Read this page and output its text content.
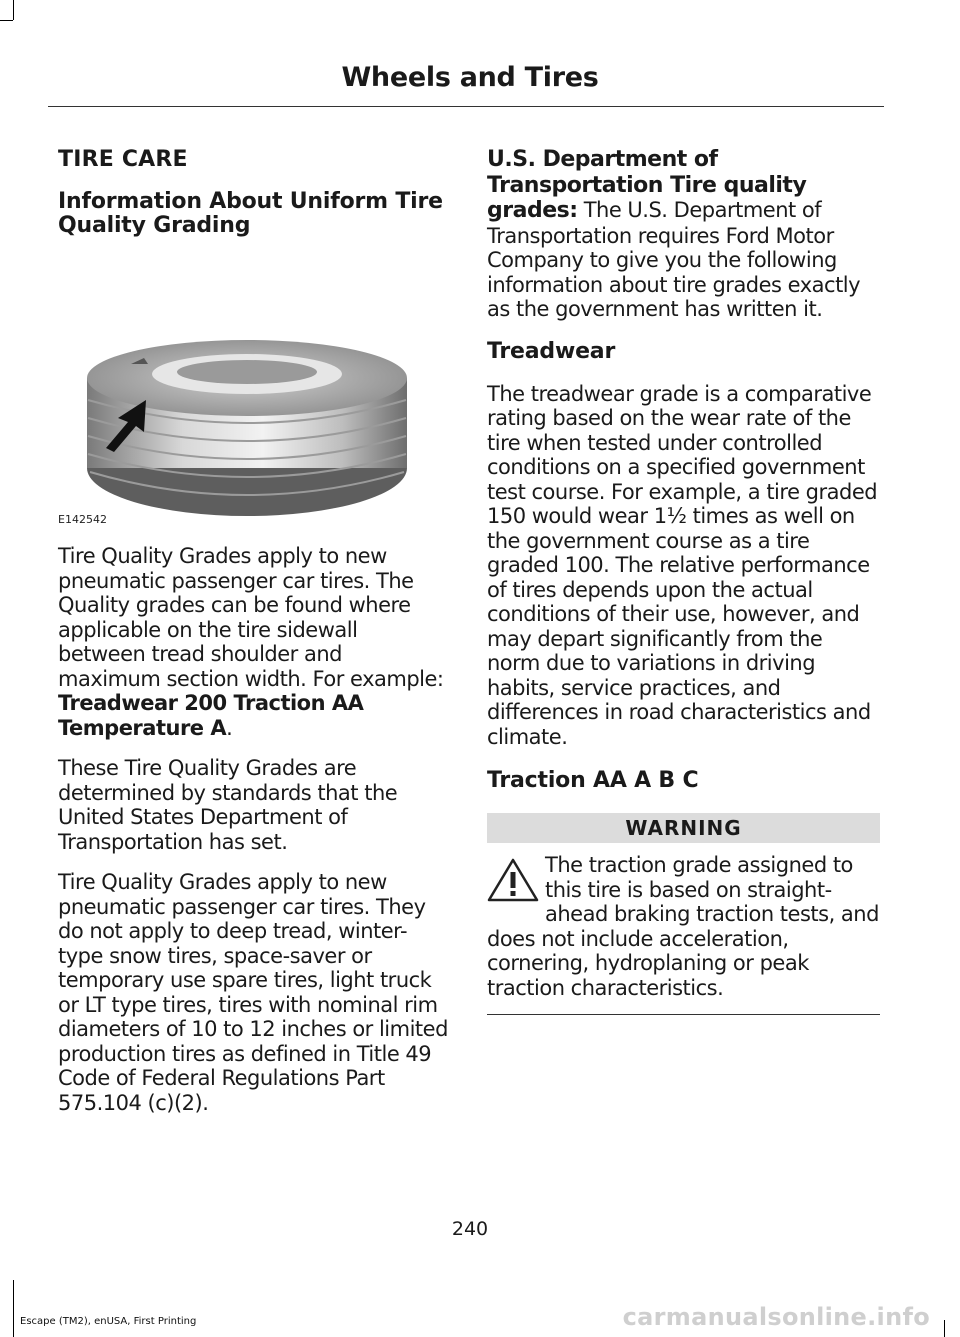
Wheels and Tires
TIRE CARE
Information About Uniform Tire Quality Grading
E142542

Tire Quality Grades apply to new pneumatic passenger car tires. The Quality grades can be found where applicable on the tire sidewall between tread shoulder and maximum section width. For example: Treadwear 200 Traction AA Temperature A.

These Tire Quality Grades are determined by standards that the United States Department of Transportation has set.

Tire Quality Grades apply to new pneumatic passenger car tires. They do not apply to deep tread, winter-type snow tires, space-saver or temporary use spare tires, light truck or LT type tires, tires with nominal rim diameters of 10 to 12 inches or limited production tires as defined in Title 49 Code of Federal Regulations Part 575.104 (c)(2).

U.S. Department of Transportation Tire quality grades: The U.S. Department of Transportation requires Ford Motor Company to give you the following information about tire grades exactly as the government has written it.

Treadwear

The treadwear grade is a comparative rating based on the wear rate of the tire when tested under controlled conditions on a specified government test course. For example, a tire graded 150 would wear 1½ times as well on the government course as a tire graded 100. The relative performance of tires depends upon the actual conditions of their use, however, and may depart significantly from the norm due to variations in driving habits, service practices, and differences in road characteristics and climate.

Traction AA A B C
WARNING
The traction grade assigned to this tire is based on straight-ahead braking traction tests, and does not include acceleration, cornering, hydroplaning or peak traction characteristics.
240
Escape (TM2), enUSA, First Printing	carmanualsonline.info
